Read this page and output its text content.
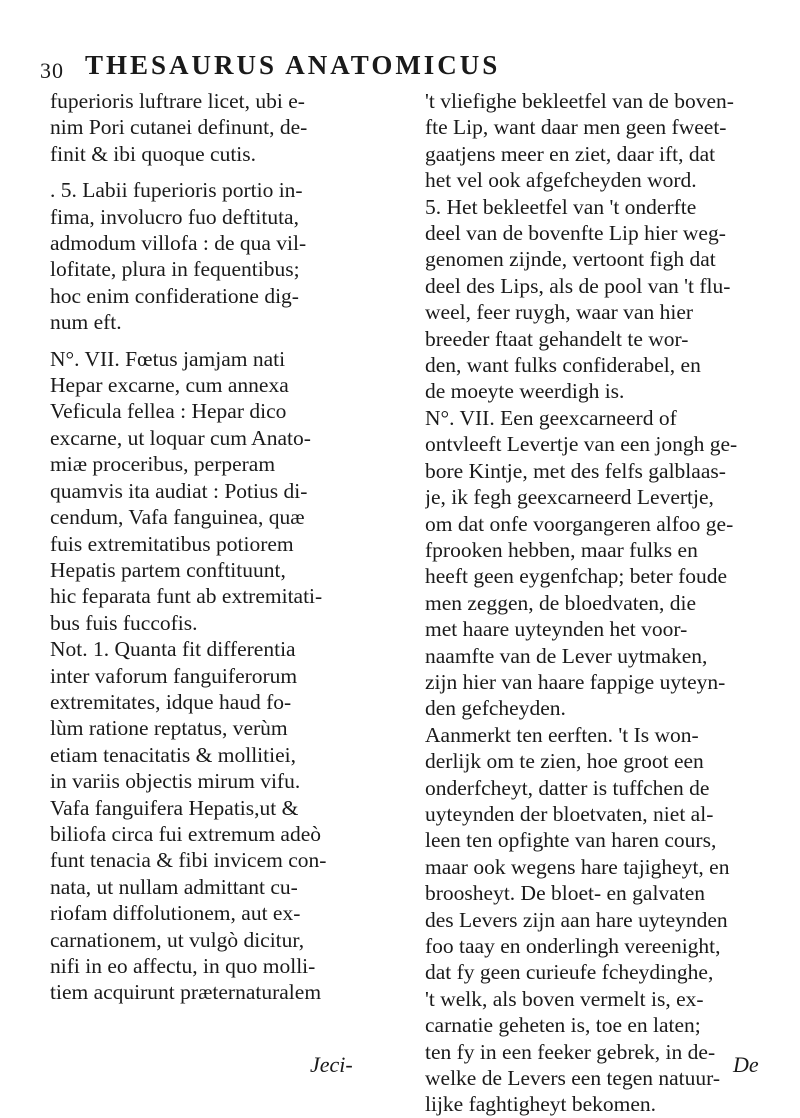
30 THESAURUS ANATOMICUS
fuperioris luftrare licet, ubi e-
nim Pori cutanei definunt, de-
finit & ibi quoque cutis.
. 5. Labii fuperioris portio in-
fima, involucro fuo deftituta,
admodum villofa : de qua vil-
lofitate, plura in fequentibus;
hoc enim confideratione dig-
num eft.
N°. VII. Fœtus jamjam nati
Hepar excarne, cum annexa
Veficula fellea : Hepar dico
excarne, ut loquar cum Anato-
miæ proceribus, perperam
quamvis ita audiat : Potius di-
cendum, Vafa fanguinea, quæ
fuis extremitatibus potiorem
Hepatis partem conftituunt,
hic feparata funt ab extremitati-
bus fuis fuccofis.
Not. 1. Quanta fit differentia
inter vaforum fanguiferorum
extremitates, idque haud fo-
lùm ratione reptatus, verùm
etiam tenacitatis & mollitiei,
in variis objectis mirum vifu.
Vafa fanguifera Hepatis,ut &
biliofa circa fui extremum adeò
funt tenacia & fibi invicem con-
nata, ut nullam admittant cu-
riofam diffolutionem, aut ex-
carnationem, ut vulgò dicitur,
nifi in eo affectu, in quo molli-
tiem acquirunt præternaturalem
't vliefighe bekleetfel van de boven-
fte Lip, want daar men geen fweet-
gaatjens meer en ziet, daar ift, dat
het vel ook afgefcheyden word.
5. Het bekleetfel van 't onderfte
deel van de bovenfte Lip hier weg-
genomen zijnde, vertoont figh dat
deel des Lips, als de pool van 't flu-
weel, feer ruygh, waar van hier
breeder ftaat gehandelt te wor-
den, want fulks confiderabel, en
de moeyte weerdigh is.
N°. VII. Een geexcarneerd of
ontvleeft Levertje van een jongh ge-
bore Kintje, met des felfs galblaas-
je, ik fegh geexcarneerd Levertje,
om dat onfe voorgangeren alfoo ge-
fprooken hebben, maar fulks en
heeft geen eygenfchap; beter foude
men zeggen, de bloedvaten, die
met haare uyteynden het voor-
naamfte van de Lever uytmaken,
zijn hier van haare fappige uyteyn-
den gefcheyden.
Aanmerkt ten eerften. 't Is won-
derlijk om te zien, hoe groot een
onderfcheyt, datter is tuffchen de
uyteynden der bloetvaten, niet al-
leen ten opfighte van haren cours,
maar ook wegens hare tajigheyt, en
broosheyt. De bloet- en galvaten
des Levers zijn aan hare uyteynden
foo taay en onderlingh vereenight,
dat fy geen curieufe fcheydinghe,
't welk, als boven vermelt is, ex-
carnatie geheten is, toe en laten;
ten fy in een feeker gebrek, in de-
welke de Levers een tegen natuur-
lijke faghtigheyt bekomen.
Jeci-	De
